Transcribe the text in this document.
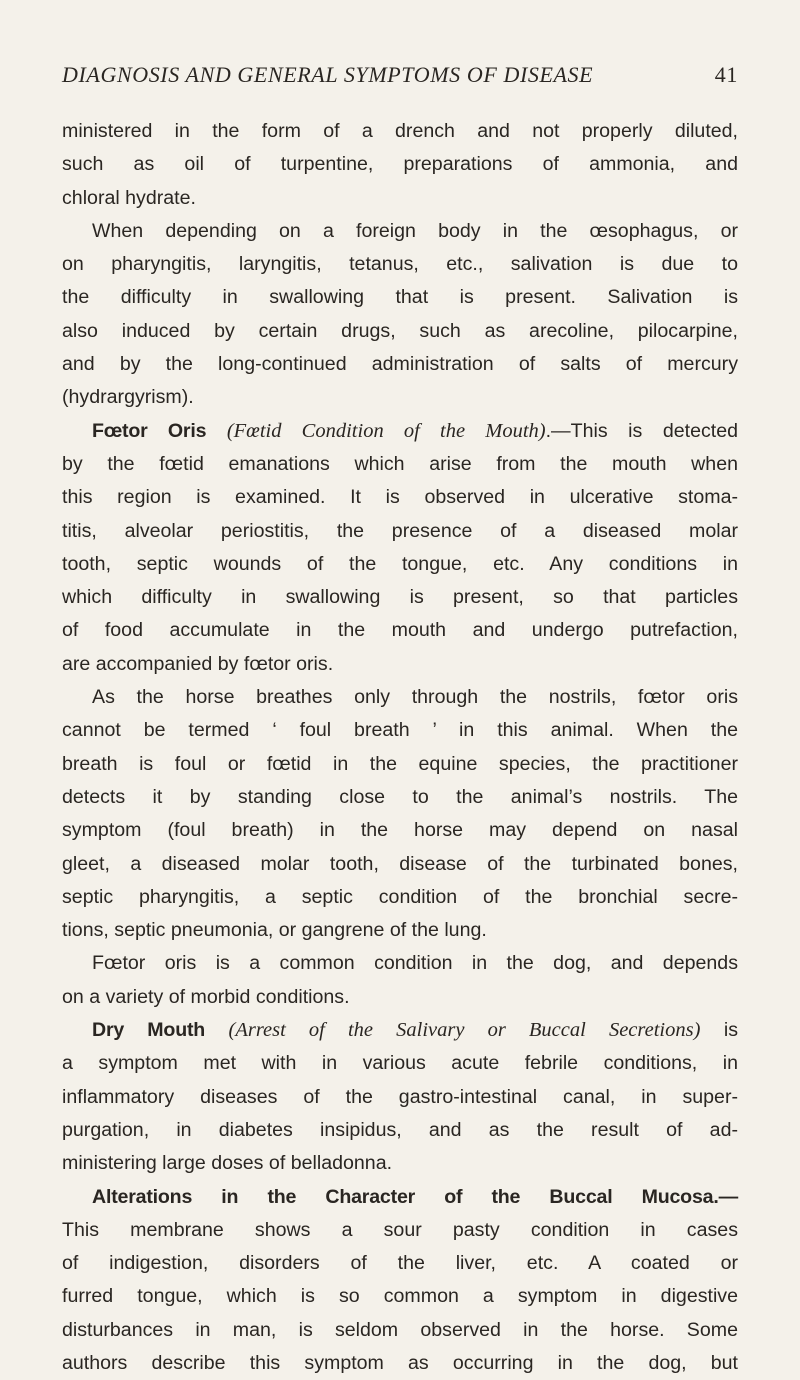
DIAGNOSIS AND GENERAL SYMPTOMS OF DISEASE	41
ministered in the form of a drench and not properly diluted,
such as oil of turpentine, preparations of ammonia, and
chloral hydrate.
When depending on a foreign body in the œsophagus, or
on pharyngitis, laryngitis, tetanus, etc., salivation is due to
the difficulty in swallowing that is present. Salivation is
also induced by certain drugs, such as arecoline, pilocarpine,
and by the long-continued administration of salts of mercury
(hydrargyrism).
Fœtor Oris (Fœtid Condition of the Mouth).—This is detected
by the fœtid emanations which arise from the mouth when
this region is examined. It is observed in ulcerative stoma-
titis, alveolar periostitis, the presence of a diseased molar
tooth, septic wounds of the tongue, etc. Any conditions in
which difficulty in swallowing is present, so that particles
of food accumulate in the mouth and undergo putrefaction,
are accompanied by fœtor oris.
As the horse breathes only through the nostrils, fœtor oris
cannot be termed ‘ foul breath ’ in this animal. When the
breath is foul or fœtid in the equine species, the practitioner
detects it by standing close to the animal’s nostrils. The
symptom (foul breath) in the horse may depend on nasal
gleet, a diseased molar tooth, disease of the turbinated bones,
septic pharyngitis, a septic condition of the bronchial secre-
tions, septic pneumonia, or gangrene of the lung.
Fœtor oris is a common condition in the dog, and depends
on a variety of morbid conditions.
Dry Mouth (Arrest of the Salivary or Buccal Secretions) is
a symptom met with in various acute febrile conditions, in
inflammatory diseases of the gastro-intestinal canal, in super-
purgation, in diabetes insipidus, and as the result of ad-
ministering large doses of belladonna.
Alterations in the Character of the Buccal Mucosa.—
This membrane shows a sour pasty condition in cases
of indigestion, disorders of the liver, etc. A coated or
furred tongue, which is so common a symptom in digestive
disturbances in man, is seldom observed in the horse. Some
authors describe this symptom as occurring in the dog, but
